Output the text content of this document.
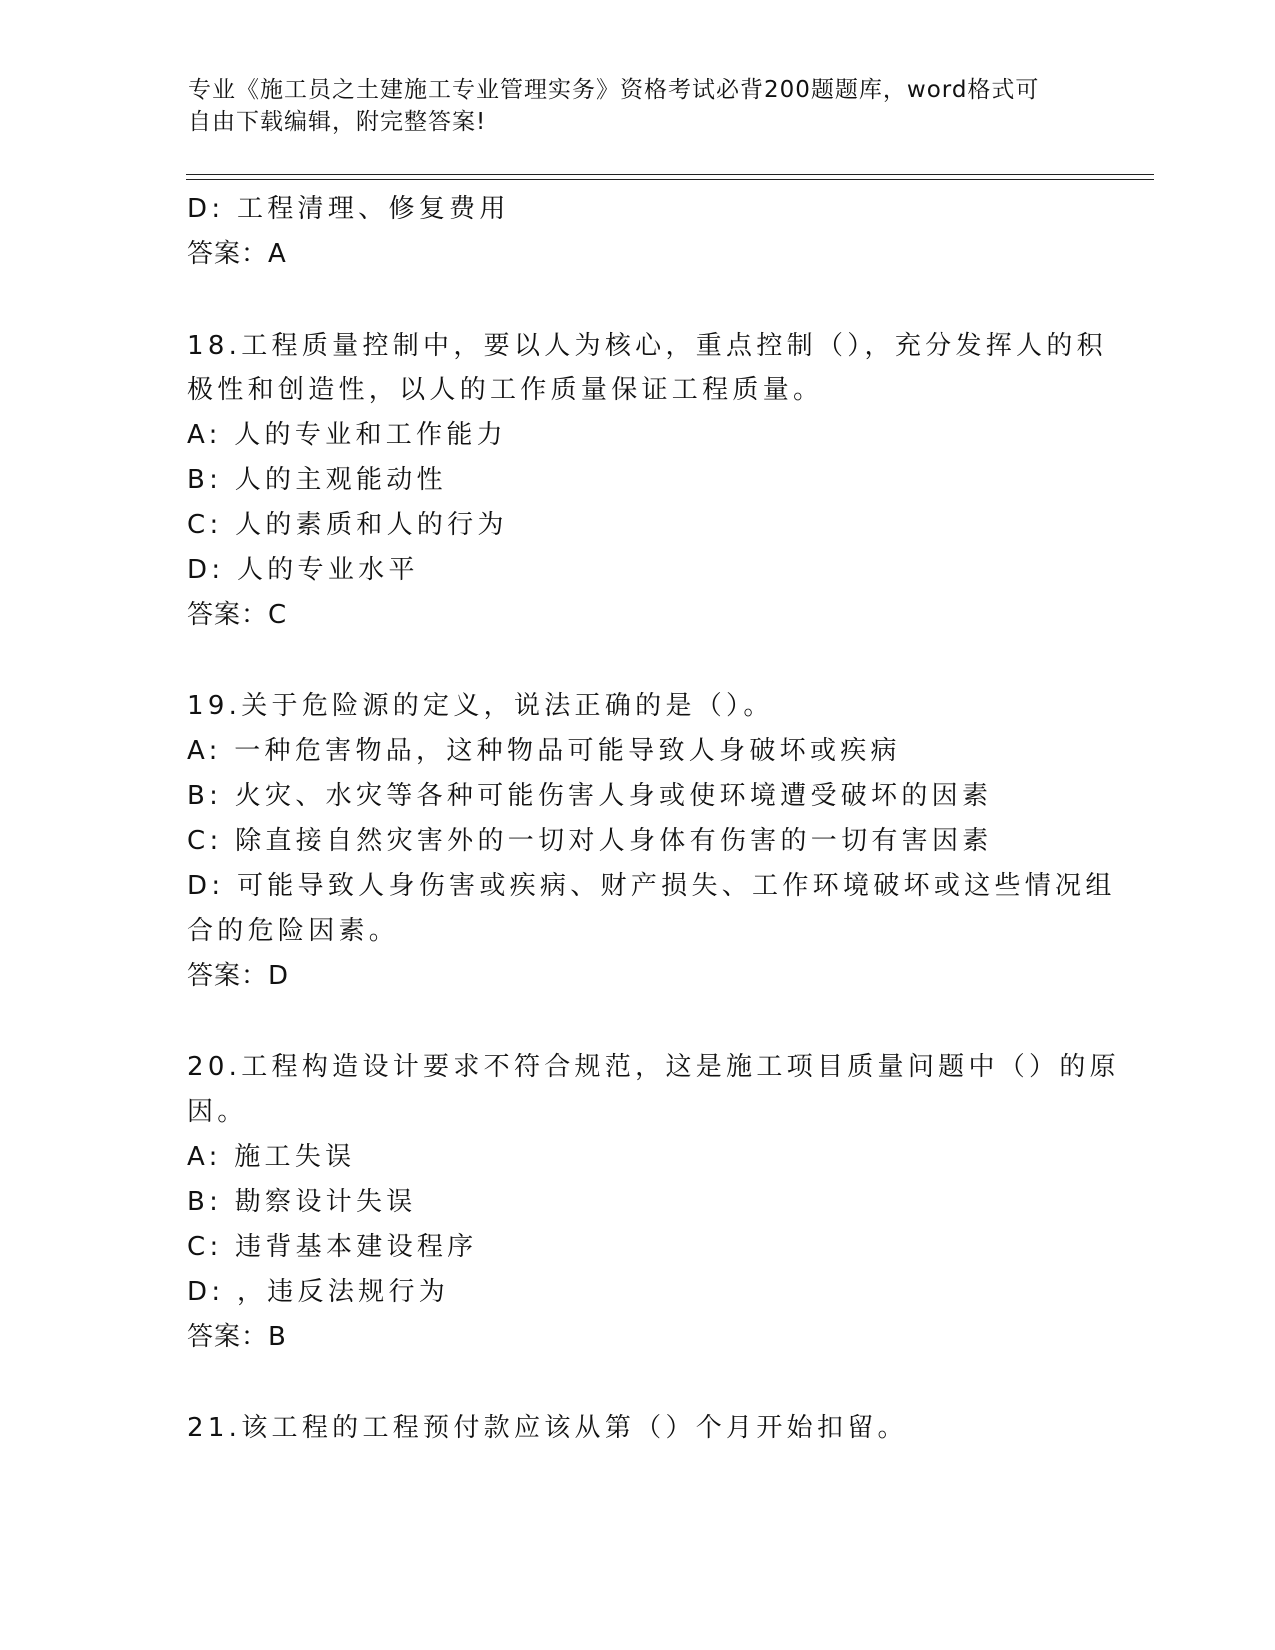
专业《施工员之土建施工专业管理实务》资格考试必背200题题库，word格式可
自由下载编辑，附完整答案!
D: 工程清理、修复费用
答案：A
18.工程质量控制中，要以人为核心，重点控制（），充分发挥人的积
极性和创造性，以人的工作质量保证工程质量。
A: 人的专业和工作能力
B: 人的主观能动性
C: 人的素质和人的行为
D: 人的专业水平
答案：C
19.关于危险源的定义，说法正确的是（）。
A: 一种危害物品，这种物品可能导致人身破坏或疾病
B: 火灾、水灾等各种可能伤害人身或使环境遭受破坏的因素
C: 除直接自然灾害外的一切对人身体有伤害的一切有害因素
D: 可能导致人身伤害或疾病、财产损失、工作环境破坏或这些情况组
合的危险因素。
答案：D
20.工程构造设计要求不符合规范，这是施工项目质量问题中（）的原
因。
A: 施工失误
B: 勘察设计失误
C: 违背基本建设程序
D: ，违反法规行为
答案：B
21.该工程的工程预付款应该从第（）个月开始扣留。
